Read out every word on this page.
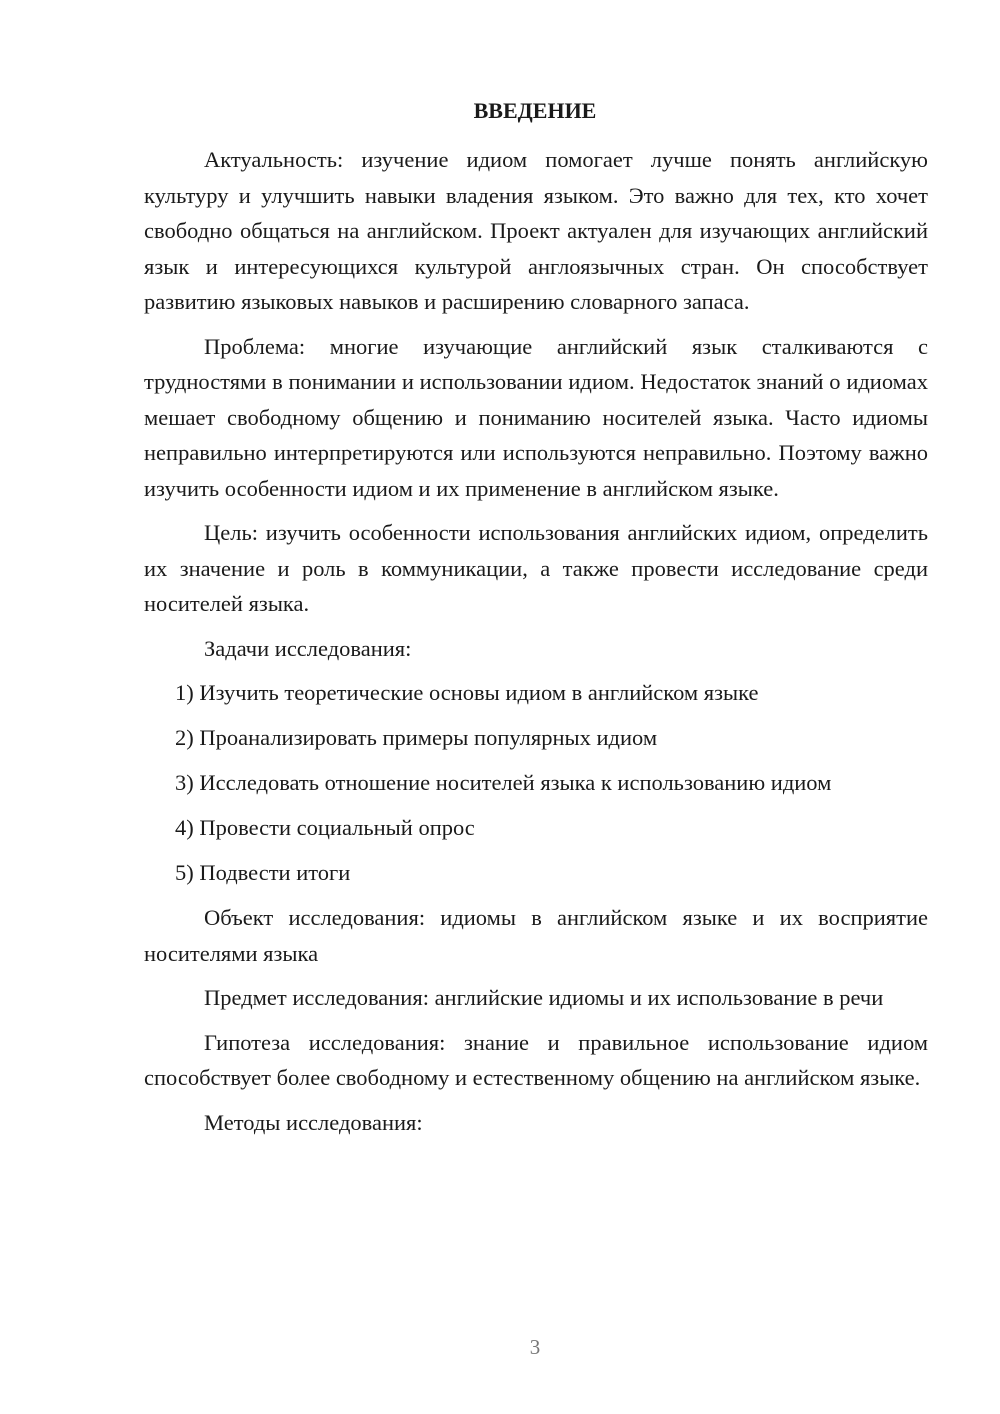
ВВЕДЕНИЕ

Актуальность: изучение идиом помогает лучше понять английскую культуру и улучшить навыки владения языком. Это важно для тех, кто хочет свободно общаться на английском. Проект актуален для изучающих английский язык и интересующихся культурой англоязычных стран. Он способствует развитию языковых навыков и расширению словарного запаса.

Проблема: многие изучающие английский язык сталкиваются с трудностями в понимании и использовании идиом. Недостаток знаний о идиомах мешает свободному общению и пониманию носителей языка. Часто идиомы неправильно интерпретируются или используются неправильно. Поэтому важно изучить особенности идиом и их применение в английском языке.

Цель: изучить особенности использования английских идиом, определить их значение и роль в коммуникации, а также провести исследование среди носителей языка.

Задачи исследования:

1) Изучить теоретические основы идиом в английском языке
2) Проанализировать примеры популярных идиом
3) Исследовать отношение носителей языка к использованию идиом
4) Провести социальный опрос
5) Подвести итоги

Объект исследования: идиомы в английском языке и их восприятие носителями языка

Предмет исследования: английские идиомы и их использование в речи

Гипотеза исследования: знание и правильное использование идиом способствует более свободному и естественному общению на английском языке.

Методы исследования:

3
